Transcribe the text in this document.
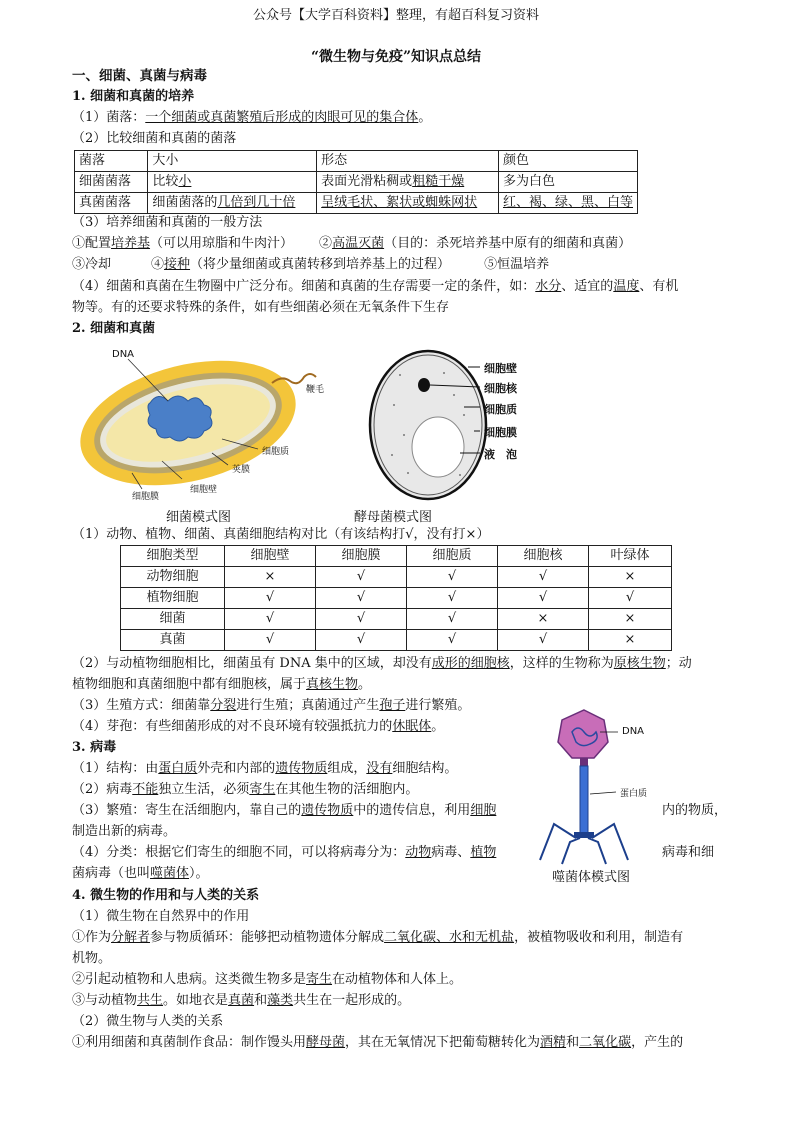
公众号【大学百科资料】整理，有超百科复习资料
“微生物与免疫”知识点总结
一、细菌、真菌与病毒
1. 细菌和真菌的培养
（1）菌落：一个细菌或真菌繁殖后形成的肉眼可见的集合体。
（2）比较细菌和真菌的菌落
菌落	大小	形态	颜色
细菌菌落	比较小	表面光滑粘稠或粗糙干燥	多为白色
真菌菌落	细菌菌落的几倍到几十倍	呈绒毛状、絮状或蜘蛛网状	红、褐、绿、黑、白等
（3）培养细菌和真菌的一般方法
①配置培养基（可以用琼脂和牛肉汁） ②高温灭菌（目的：杀死培养基中原有的细菌和真菌）
③冷却	④接种（将少量细菌或真菌转移到培养基上的过程）	⑤恒温培养
（4）细菌和真菌在生物圈中广泛分布。细菌和真菌的生存需要一定的条件，如：水分、适宜的温度、有机
物等。有的还要求特殊的条件，如有些细菌必须在无氧条件下生存
2. 细菌和真菌
DNA
鞭毛
细胞质
荚膜
细胞壁
细胞膜
细菌模式图
细胞壁
细胞核
细胞质
细胞膜
液　泡
酵母菌模式图
（1）动物、植物、细菌、真菌细胞结构对比（有该结构打√，没有打×）
细胞类型	细胞壁	细胞膜	细胞质	细胞核	叶绿体
动物细胞	×	√	√	√	×
植物细胞	√	√	√	√	√
细菌	√	√	√	×	×
真菌	√	√	√	√	×
（2）与动植物细胞相比，细菌虽有 DNA 集中的区域，却没有成形的细胞核，这样的生物称为原核生物；动
植物细胞和真菌细胞中都有细胞核，属于真核生物。
（3）生殖方式：细菌靠分裂进行生殖；真菌通过产生孢子进行繁殖。
（4）芽孢：有些细菌形成的对不良环境有较强抵抗力的休眠体。
3. 病毒
（1）结构：由蛋白质外壳和内部的遗传物质组成，没有细胞结构。
（2）病毒不能独立生活，必须寄生在其他生物的活细胞内。
（3）繁殖：寄生在活细胞内，靠自己的遗传物质中的遗传信息，利用细胞	内的物质，
制造出新的病毒。
（4）分类：根据它们寄生的细胞不同，可以将病毒分为：动物病毒、植物	病毒和细
菌病毒（也叫噬菌体）。
DNA
蛋白质
噬菌体模式图
4. 微生物的作用和与人类的关系
（1）微生物在自然界中的作用
①作为分解者参与物质循环：能够把动植物遗体分解成二氧化碳、水和无机盐，被植物吸收和利用，制造有
机物。
②引起动植物和人患病。这类微生物多是寄生在动植物体和人体上。
③与动植物共生。如地衣是真菌和藻类共生在一起形成的。
（2）微生物与人类的关系
①利用细菌和真菌制作食品：制作馒头用酵母菌，其在无氧情况下把葡萄糖转化为酒精和二氧化碳，产生的
